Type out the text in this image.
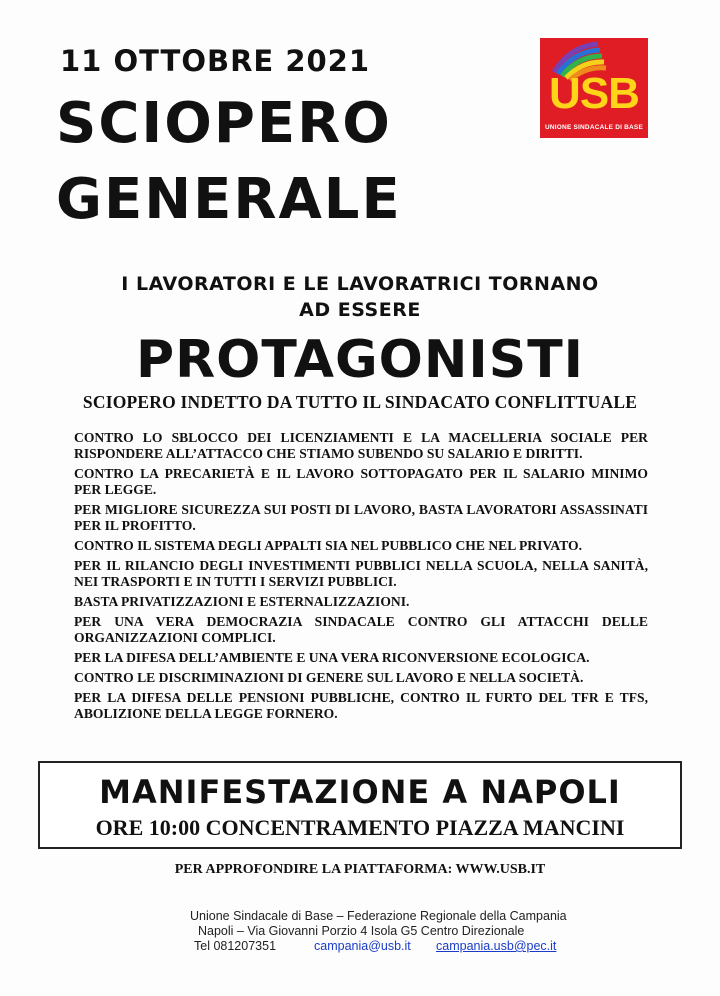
11 OTTOBRE 2021
SCIOPERO
GENERALE
USB
UNIONE SINDACALE DI BASE
I LAVORATORI E LE LAVORATRICI TORNANO
AD ESSERE
PROTAGONISTI
SCIOPERO INDETTO DA TUTTO IL SINDACATO CONFLITTUALE

CONTRO LO SBLOCCO DEI LICENZIAMENTI E LA MACELLERIA SOCIALE PER RISPONDERE ALL’ATTACCO CHE STIAMO SUBENDO SU SALARIO E DIRITTI.

CONTRO LA PRECARIETÀ E IL LAVORO SOTTOPAGATO PER IL SALARIO MINIMO PER LEGGE.

PER MIGLIORE SICUREZZA SUI POSTI DI LAVORO, BASTA LAVORATORI ASSASSINATI PER IL PROFITTO.

CONTRO IL SISTEMA DEGLI APPALTI SIA NEL PUBBLICO CHE NEL PRIVATO.

PER IL RILANCIO DEGLI INVESTIMENTI PUBBLICI NELLA SCUOLA, NELLA SANITÀ, NEI TRASPORTI E IN TUTTI I SERVIZI PUBBLICI.

BASTA PRIVATIZZAZIONI E ESTERNALIZZAZIONI.

PER UNA VERA DEMOCRAZIA SINDACALE CONTRO GLI ATTACCHI DELLE ORGANIZZAZIONI COMPLICI.

PER LA DIFESA DELL’AMBIENTE E UNA VERA RICONVERSIONE ECOLOGICA.

CONTRO LE DISCRIMINAZIONI DI GENERE SUL LAVORO E NELLA SOCIETÀ.

PER LA DIFESA DELLE PENSIONI PUBBLICHE, CONTRO IL FURTO DEL TFR E TFS, ABOLIZIONE DELLA LEGGE FORNERO.

MANIFESTAZIONE A NAPOLI
ORE 10:00 CONCENTRAMENTO PIAZZA MANCINI
PER APPROFONDIRE LA PIATTAFORMA: WWW.USB.IT
Unione Sindacale di Base – Federazione Regionale della Campania
Napoli – Via Giovanni Porzio 4 Isola G5 Centro Direzionale
Tel 081207351	campania@usb.it campania.usb@pec.it
